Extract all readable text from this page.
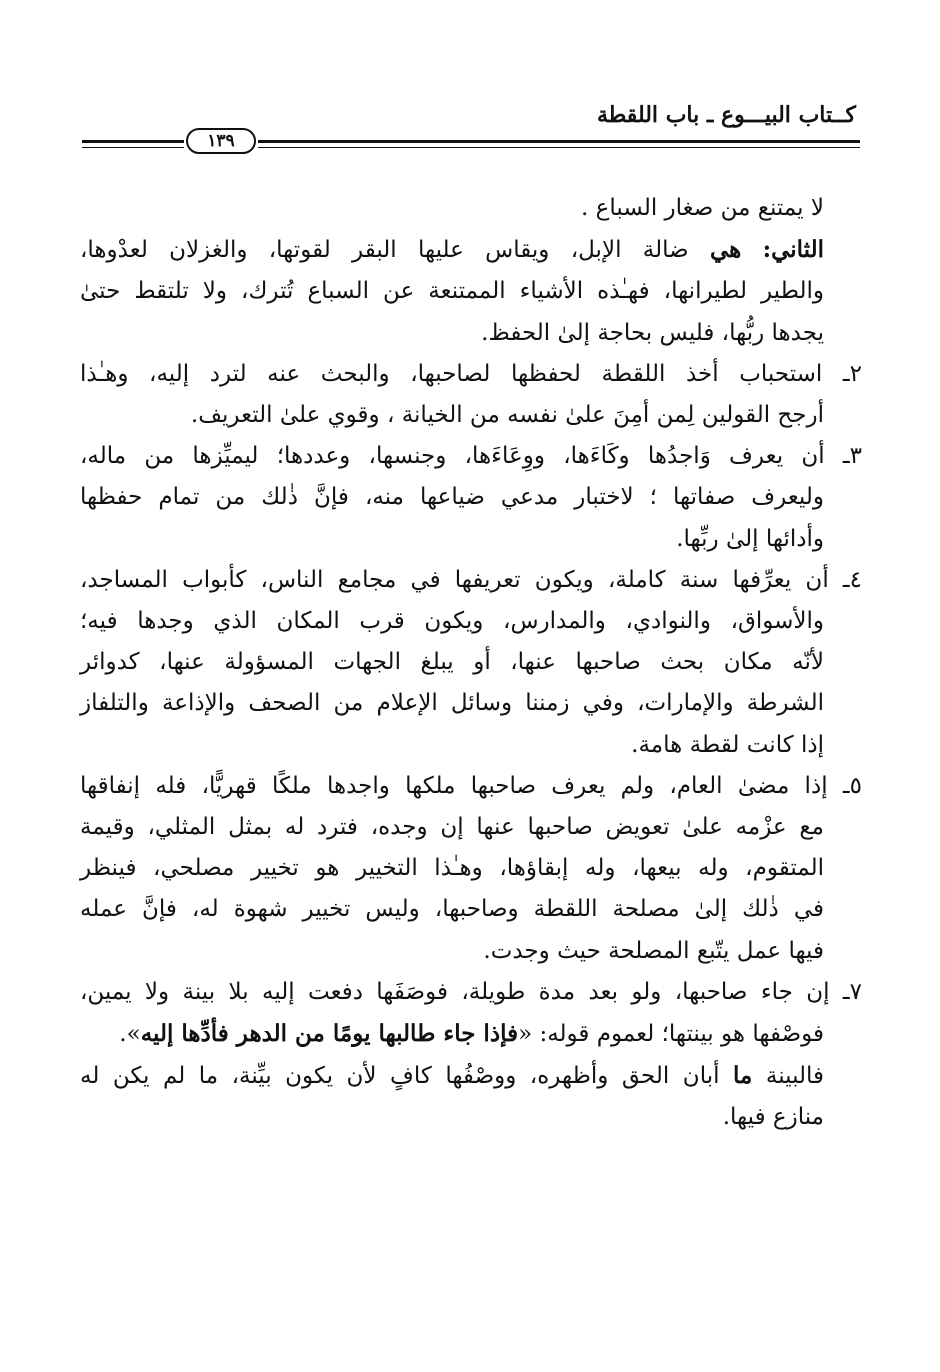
كــتاب البيـــوع ـ باب اللقطة
١٣٩
لا يمتنع من صغار السباع .
الثاني: هي ضالة الإبل، ويقاس عليها البقر لقوتها، والغزلان لعدْوها،
والطير لطيرانها، فهـٰذه الأشياء الممتنعة عن السباع تُترك، ولا تلتقط حتىٰ
يجدها ربُّها، فليس بحاجة إلىٰ الحفظ.
٢ـ استحباب أخذ اللقطة لحفظها لصاحبها، والبحث عنه لترد إليه، وهـٰذا
أرجح القولين لِمن أمِنَ علىٰ نفسه من الخيانة ، وقوي علىٰ التعريف.
٣ـ أن يعرف وَاجدُها وكَاءَها، ووِعَاءَها، وجنسها، وعددها؛ ليميِّزها من ماله،
وليعرف صفاتها ؛ لاختبار مدعي ضياعها منه، فإنَّ ذٰلك من تمام حفظها
وأدائها إلىٰ ربِّها.
٤ـ أن يعرِّفها سنة كاملة، ويكون تعريفها في مجامع الناس، كأبواب المساجد،
والأسواق، والنوادي، والمدارس، ويكون قرب المكان الذي وجدها فيه؛
لأنّه مكان بحث صاحبها عنها، أو يبلغ الجهات المسؤولة عنها، كدوائر
الشرطة والإمارات، وفي زمننا وسائل الإعلام من الصحف والإذاعة والتلفاز
إذا كانت لقطة هامة.
٥ـ إذا مضىٰ العام، ولم يعرف صاحبها ملكها واجدها ملكًا قهريًّا، فله إنفاقها
مع عزْمه علىٰ تعويض صاحبها عنها إن وجده، فترد له بمثل المثلي، وقيمة
المتقوم، وله بيعها، وله إبقاؤها، وهـٰذا التخيير هو تخيير مصلحي، فينظر
في ذٰلك إلىٰ مصلحة اللقطة وصاحبها، وليس تخيير شهوة له، فإنَّ عمله
فيها عمل يتّبع المصلحة حيث وجدت.
٧ـ إن جاء صاحبها، ولو بعد مدة طويلة، فوصَفَها دفعت إليه بلا بينة ولا يمين،
فوصْفها هو بينتها؛ لعموم قوله: «فإذا جاء طالبها يومًا من الدهر فأدِّها إليه».
فالبينة ما أبان الحق وأظهره، ووصْفُها كافٍ لأن يكون بيِّنة، ما لم يكن له
منازع فيها.
